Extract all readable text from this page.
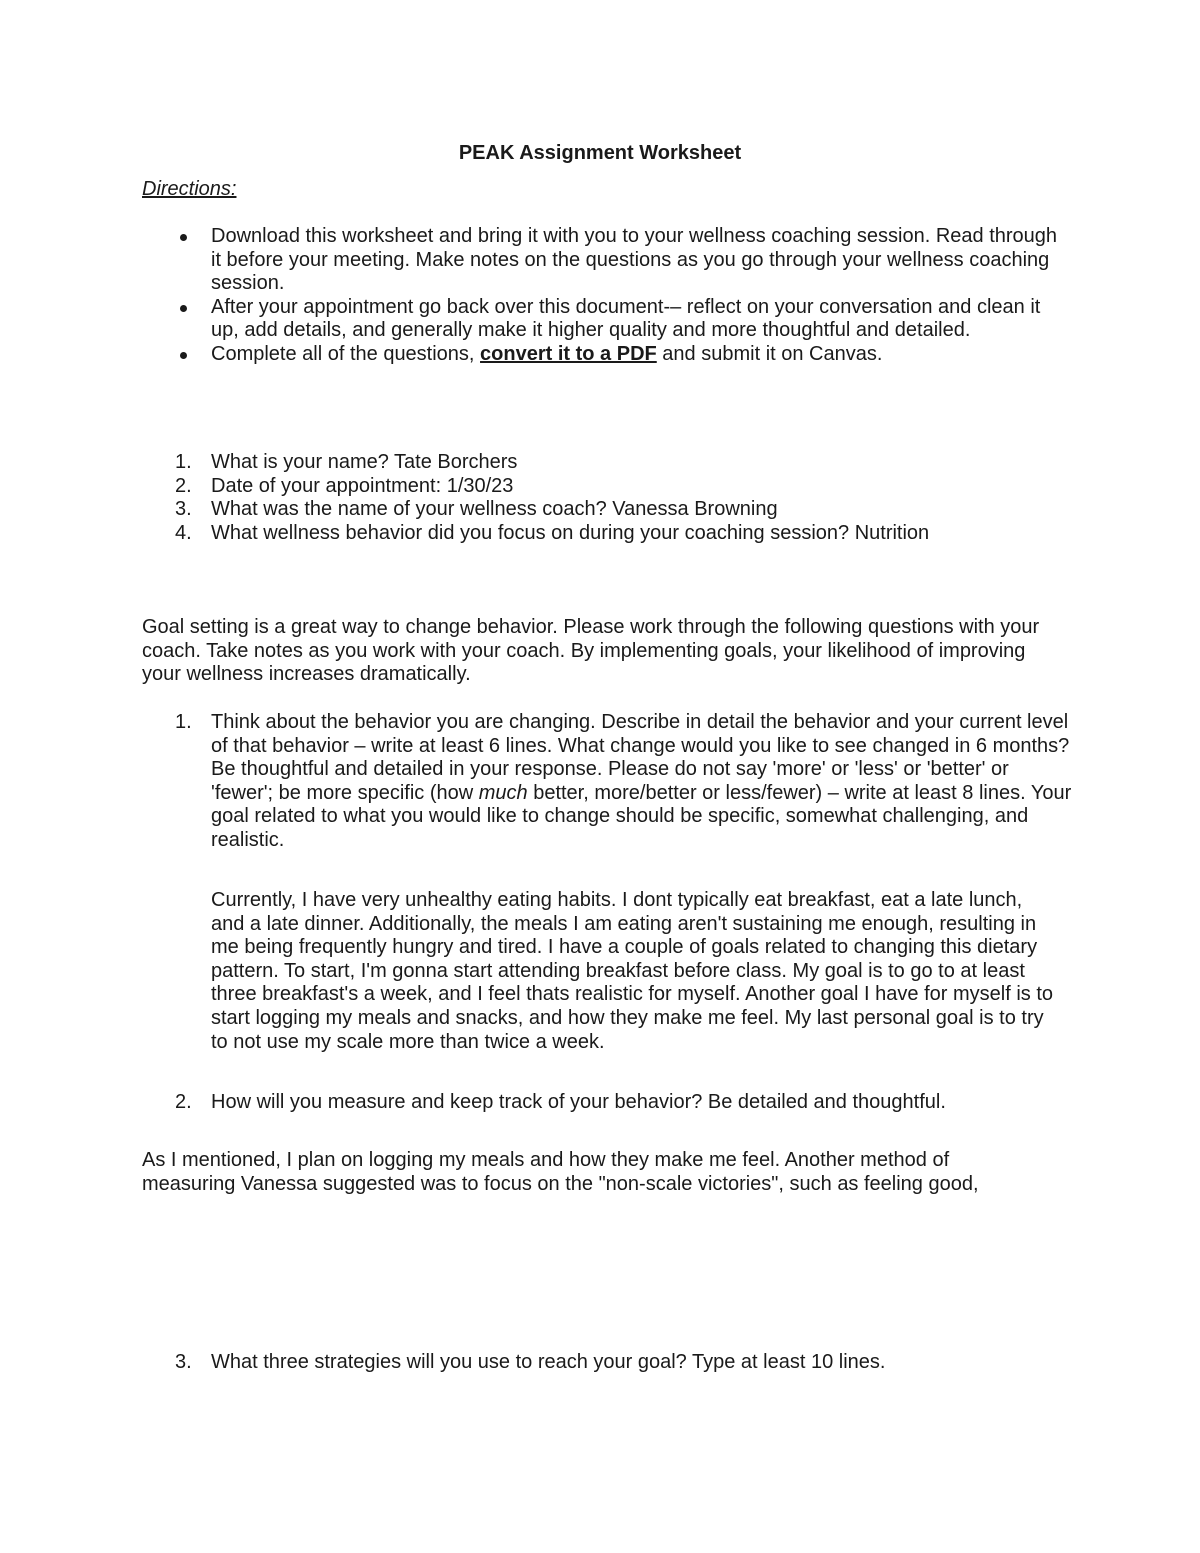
PEAK Assignment Worksheet
Directions:
Download this worksheet and bring it with you to your wellness coaching session. Read through it before your meeting. Make notes on the questions as you go through your wellness coaching session.
After your appointment go back over this document-– reflect on your conversation and clean it up, add details, and generally make it higher quality and more thoughtful and detailed.
Complete all of the questions, convert it to a PDF and submit it on Canvas.
1. What is your name? Tate Borchers
2. Date of your appointment: 1/30/23
3. What was the name of your wellness coach? Vanessa Browning
4. What wellness behavior did you focus on during your coaching session? Nutrition

Goal setting is a great way to change behavior. Please work through the following questions with your coach. Take notes as you work with your coach. By implementing goals, your likelihood of improving your wellness increases dramatically.

1. Think about the behavior you are changing. Describe in detail the behavior and your current level of that behavior – write at least 6 lines. What change would you like to see changed in 6 months? Be thoughtful and detailed in your response. Please do not say 'more' or 'less' or 'better' or 'fewer'; be more specific (how much better, more/better or less/fewer) – write at least 8 lines. Your goal related to what you would like to change should be specific, somewhat challenging, and realistic.

Currently, I have very unhealthy eating habits. I dont typically eat breakfast, eat a late lunch, and a late dinner. Additionally, the meals I am eating aren't sustaining me enough, resulting in me being frequently hungry and tired. I have a couple of goals related to changing this dietary pattern. To start, I'm gonna start attending breakfast before class. My goal is to go to at least three breakfast's a week, and I feel thats realistic for myself. Another goal I have for myself is to start logging my meals and snacks, and how they make me feel. My last personal goal is to try to not use my scale more than twice a week.

2. How will you measure and keep track of your behavior? Be detailed and thoughtful.

As I mentioned, I plan on logging my meals and how they make me feel. Another method of measuring Vanessa suggested was to focus on the "non-scale victories", such as feeling good,

3. What three strategies will you use to reach your goal? Type at least 10 lines.
